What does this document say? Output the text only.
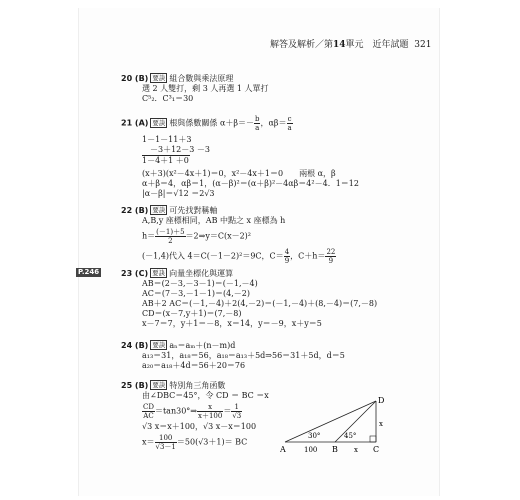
解答及解析／第14單元　近年試題 321
P.246
20 (B) 要訣 組合數與乘法原理
選 2 人雙打，剩 3 人再選 1 人單打
C⁵₂．C³₁＝30
21 (A) 要訣 根與係數關係 $\alpha+\beta=- \frac{b}{a}$ ，$\alpha\beta= \frac{c}{a}$
1－1－11＋3
　－3＋12－3 －3
1－4＋1 ＋0
(x＋3)(x²－4x＋1)＝0，x²－4x＋1＝0　　兩根 α，β
α＋β＝4，αβ＝1，(α－β)²＝(α＋β)²－4αβ＝4²－4．1＝12
|α－β|＝√12 ＝2√3
22 (B) 要訣 可先找對稱軸
A,B,y 座標相同，AB 中點之 x 座標為 h
$h= \frac{(-1)+5}{2}$ ＝2⇒y＝C(x－2)²
(－1,4)代入 4＝C(－1－2)²＝9C，$C= \frac{4}{9}$ ，$C+h= \frac{22}{9}$
23 (C) 要訣 向量坐標化與運算
AB＝(2－3,－3－1)＝(－1,－4)
AC＝(7－3,－1－1)＝(4,－2)
AB＋2 AC＝(－1,－4)＋2(4,－2)＝(－1,－4)＋(8,－4)＝(7,－8)
CD＝(x－7,y＋1)＝(7,－8)
x－7＝7，y＋1＝－8，x＝14，y＝－9，x＋y＝5
24 (B) 要訣 aₙ＝aₘ＋(n－m)d
a₁₃＝31，a₁₈＝56，a₁₈＝a₁₃＋5d⇒56＝31＋5d，d＝5
a₂₀＝a₁₈＋4d＝56＋20＝76
25 (B) 要訣 特別角三角函數
由∠DBC＝45°，令 CD ＝ BC ＝x
$\frac{CD}{AC}$ ＝tan30°⇒ $\frac{x}{x+100} = \frac{1}{√3}$
√3 x＝x＋100，√3 x－x＝100
$x= \frac{100}{√3-1} =50(√3+1)=$ BC
A	B	C
D
30°	45°
100	x
x
